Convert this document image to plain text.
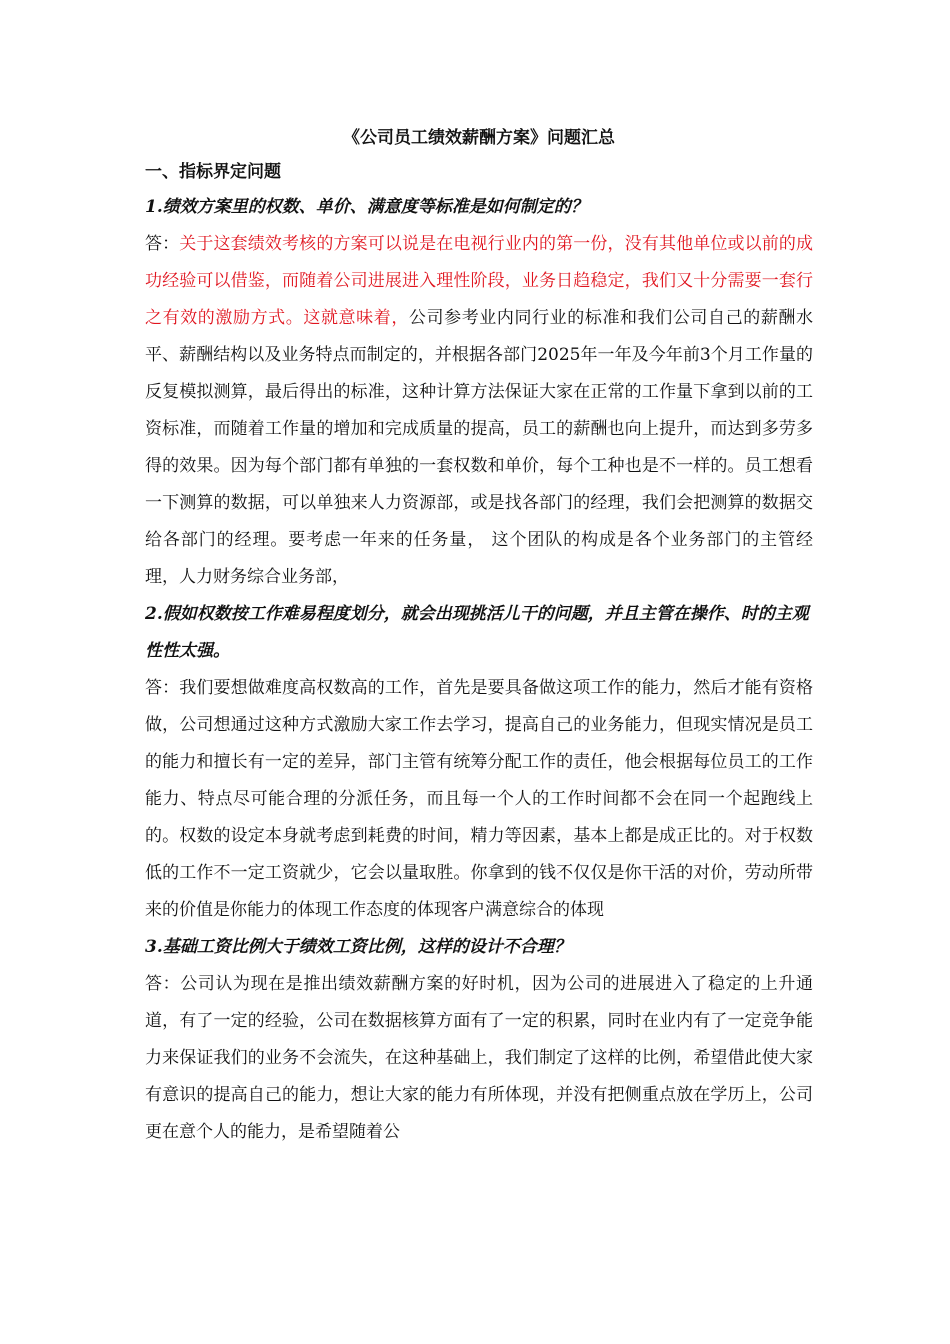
《公司员工绩效薪酬方案》问题汇总
一、指标界定问题

1.绩效方案里的权数、单价、满意度等标准是如何制定的？

答：关于这套绩效考核的方案可以说是在电视行业内的第一份，没有其他单位或以前的成功经验可以借鉴，而随着公司进展进入理性阶段，业务日趋稳定，我们又十分需要一套行之有效的激励方式。这就意味着，公司参考业内同行业的标准和我们公司自己的薪酬水平、薪酬结构以及业务特点而制定的，并根据各部门2025年一年及今年前3个月工作量的反复模拟测算，最后得出的标准，这种计算方法保证大家在正常的工作量下拿到以前的工资标准，而随着工作量的增加和完成质量的提高，员工的薪酬也向上提升，而达到多劳多得的效果。因为每个部门都有单独的一套权数和单价，每个工种也是不一样的。员工想看一下测算的数据，可以单独来人力资源部，或是找各部门的经理，我们会把测算的数据交给各部门的经理。要考虑一年来的任务量， 这个团队的构成是各个业务部门的主管经理，人力财务综合业务部，

2.假如权数按工作难易程度划分，就会出现挑活儿干的问题，并且主管在操作、时的主观性性太强。

答：我们要想做难度高权数高的工作，首先是要具备做这项工作的能力，然后才能有资格做，公司想通过这种方式激励大家工作去学习，提高自己的业务能力，但现实情况是员工的能力和擅长有一定的差异，部门主管有统筹分配工作的责任，他会根据每位员工的工作能力、特点尽可能合理的分派任务，而且每一个人的工作时间都不会在同一个起跑线上的。权数的设定本身就考虑到耗费的时间，精力等因素，基本上都是成正比的。对于权数低的工作不一定工资就少，它会以量取胜。你拿到的钱不仅仅是你干活的对价，劳动所带来的价值是你能力的体现工作态度的体现客户满意综合的体现

3.基础工资比例大于绩效工资比例，这样的设计不合理？

答：公司认为现在是推出绩效薪酬方案的好时机，因为公司的进展进入了稳定的上升通道，有了一定的经验，公司在数据核算方面有了一定的积累，同时在业内有了一定竞争能力来保证我们的业务不会流失，在这种基础上，我们制定了这样的比例，希望借此使大家有意识的提高自己的能力，想让大家的能力有所体现，并没有把侧重点放在学历上，公司更在意个人的能力，是希望随着公
